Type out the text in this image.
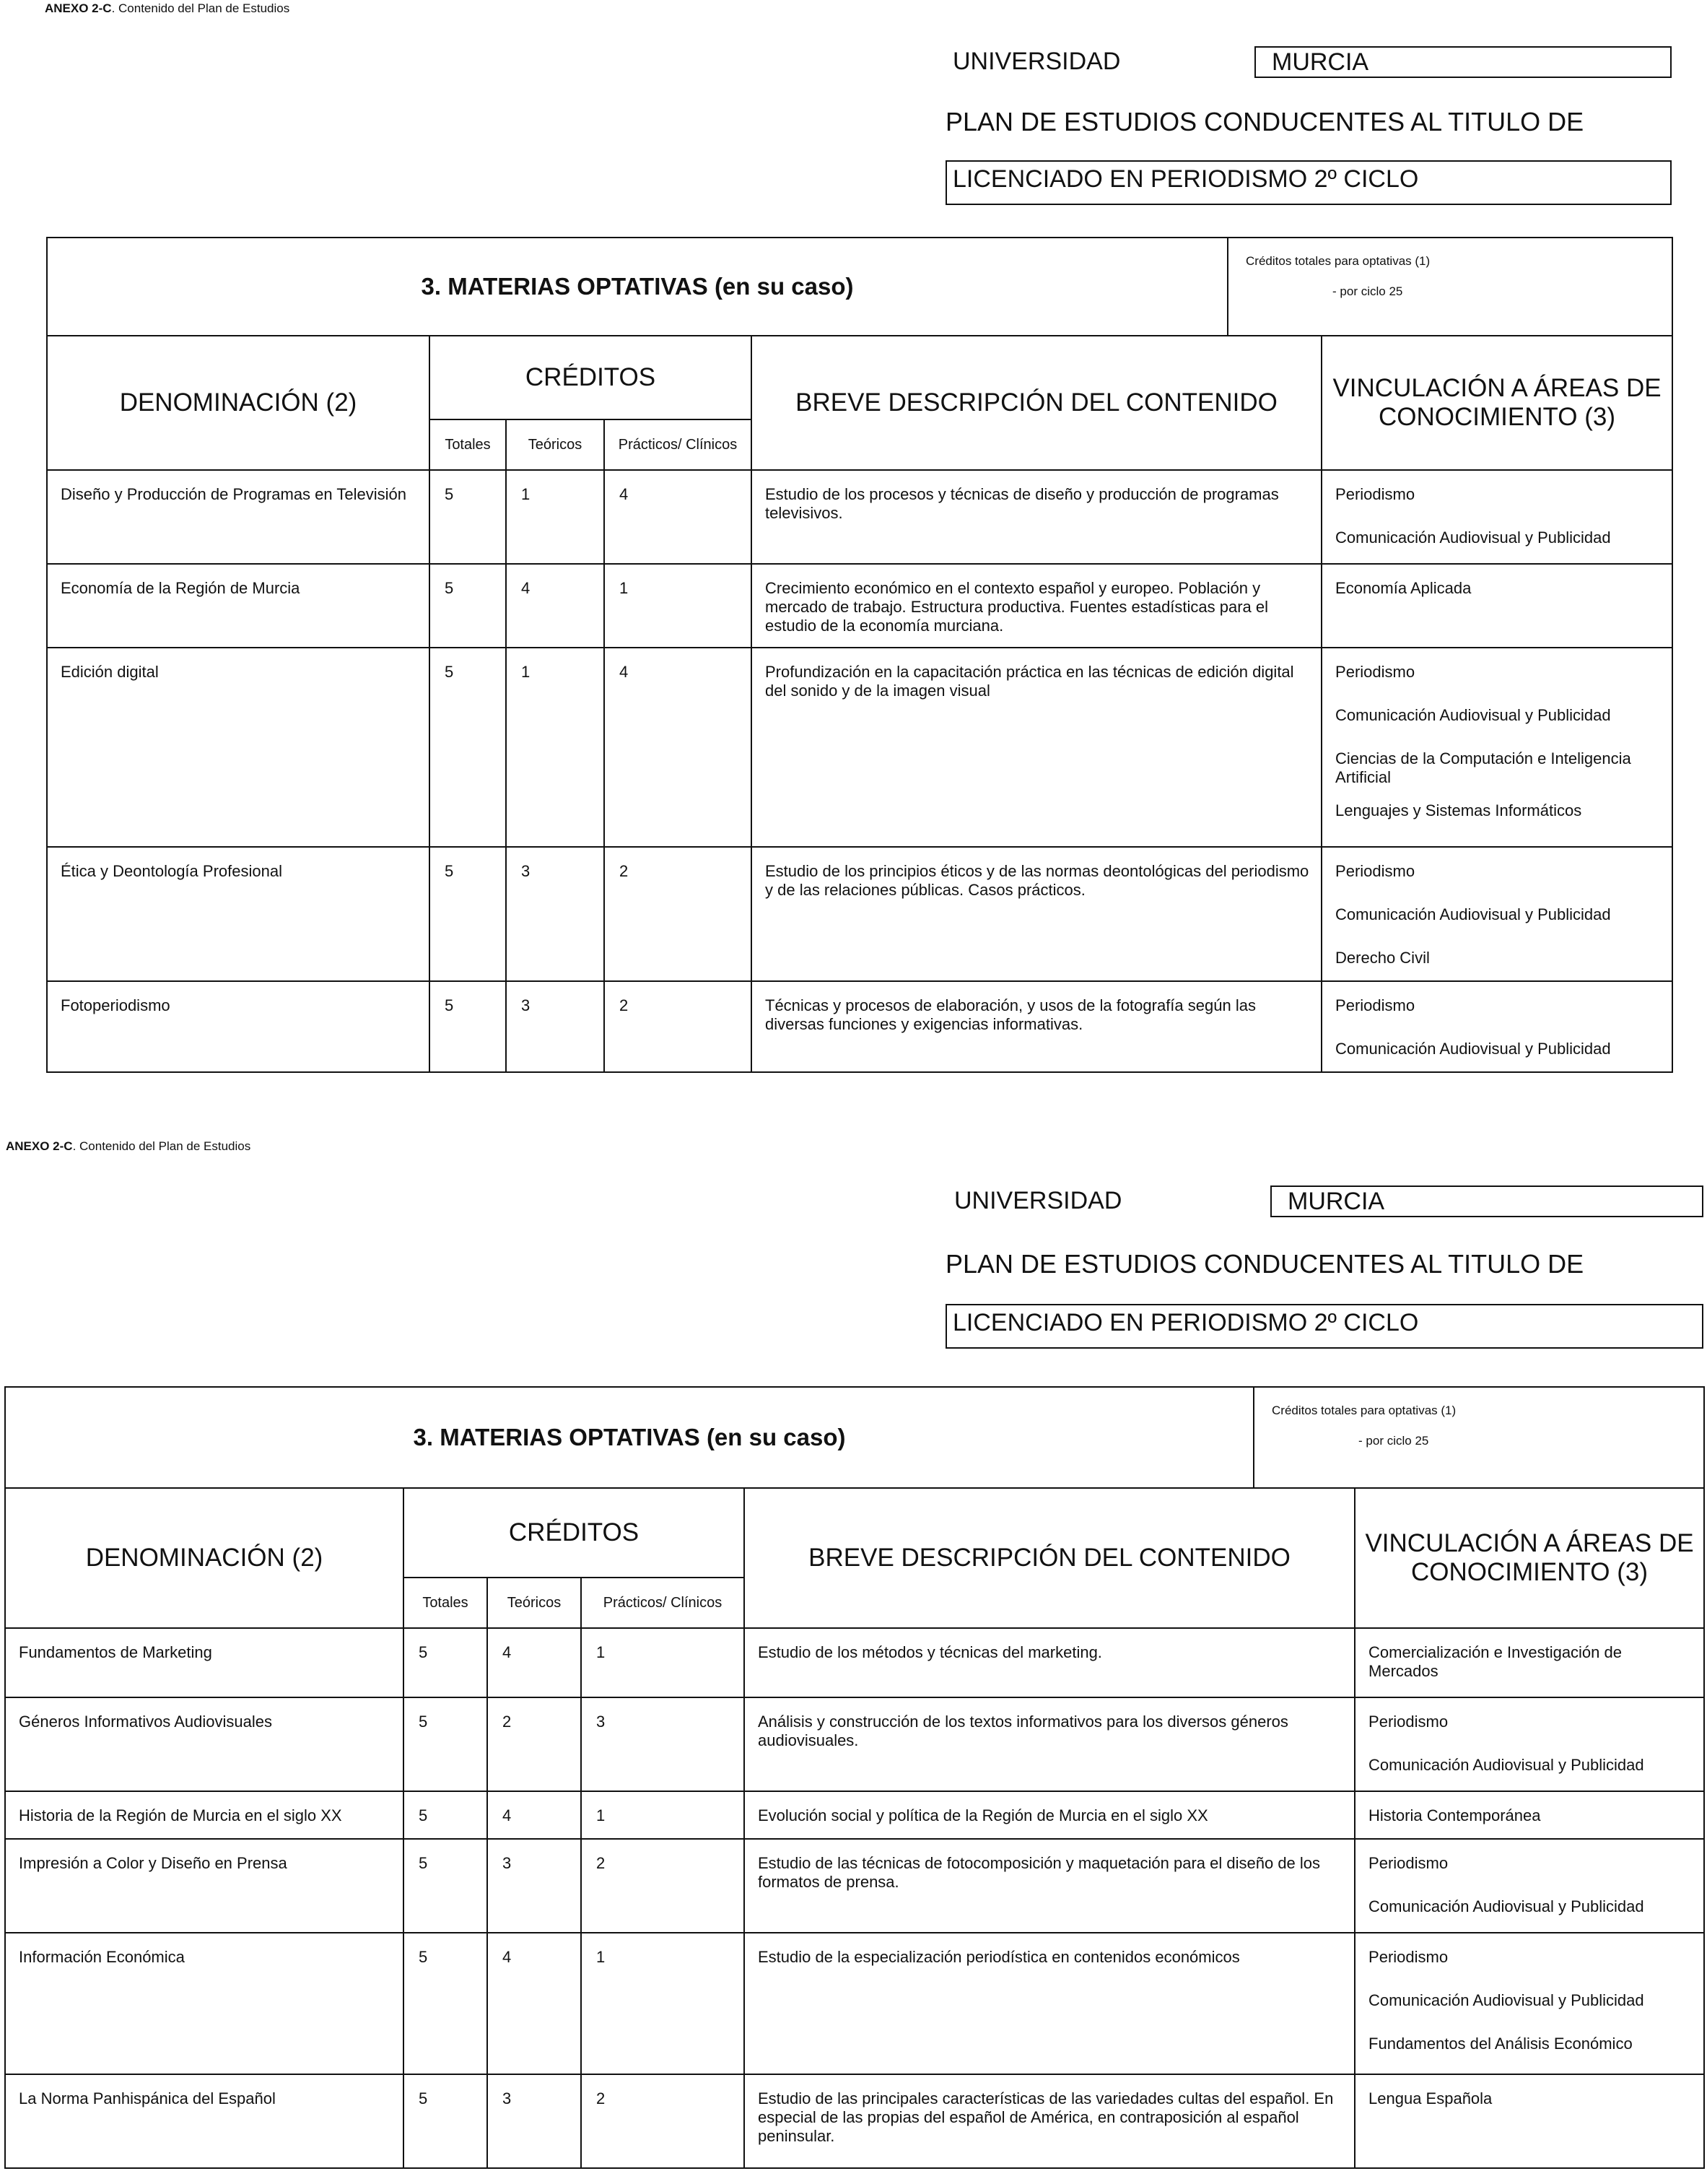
ANEXO 2-C. Contenido del Plan de Estudios
UNIVERSIDAD	MURCIA
PLAN DE ESTUDIOS CONDUCENTES AL TITULO DE
LICENCIADO EN PERIODISMO 2º CICLO
3. MATERIAS OPTATIVAS (en su caso)					Créditos totales para optativas (1)
- por ciclo 25	

DENOMINACIÓN (2)	CRÉDITOS			BREVE DESCRIPCIÓN DEL CONTENIDO		VINCULACIÓN A ÁREAS DE CONOCIMIENTO (3)
	Totales	Teóricos	Prácticos/ Clínicos			
Diseño y Producción de Programas en Televisión	5	1	4	Estudio de los procesos y técnicas de diseño y producción de programas televisivos.		Periodismo
Comunicación Audiovisual y Publicidad

Economía de la Región de Murcia	5	4	1	Crecimiento económico en el contexto español y europeo. Población y mercado de trabajo. Estructura productiva. Fuentes estadísticas para el estudio de la economía murciana.		Economía Aplicada

Edición digital	5	1	4	Profundización en la capacitación práctica en las técnicas de edición digital del sonido y de la imagen visual		Periodismo
Comunicación Audiovisual y Publicidad
Ciencias de la Computación e Inteligencia Artificial
Lenguajes y Sistemas Informáticos

Ética y Deontología Profesional	5	3	2	Estudio de los principios éticos y de las normas deontológicas del periodismo y de las relaciones públicas. Casos prácticos.		Periodismo
Comunicación Audiovisual y Publicidad
Derecho Civil

Fotoperiodismo	5	3	2	Técnicas y procesos de elaboración, y usos de la fotografía según las diversas funciones y exigencias informativas.		Periodismo
Comunicación Audiovisual y Publicidad
ANEXO 2-C. Contenido del Plan de Estudios
UNIVERSIDAD	MURCIA
PLAN DE ESTUDIOS CONDUCENTES AL TITULO DE
LICENCIADO EN PERIODISMO 2º CICLO
3. MATERIAS OPTATIVAS (en su caso)					Créditos totales para optativas (1)
- por ciclo 25	

DENOMINACIÓN (2)	CRÉDITOS			BREVE DESCRIPCIÓN DEL CONTENIDO		VINCULACIÓN A ÁREAS DE CONOCIMIENTO (3)
	Totales	Teóricos	Prácticos/ Clínicos			
Fundamentos de Marketing	5	4	1	Estudio de los métodos y técnicas del marketing.		Comercialización e Investigación de Mercados

Géneros Informativos Audiovisuales	5	2	3	Análisis y construcción de los textos informativos para los diversos géneros audiovisuales.		Periodismo
Comunicación Audiovisual y Publicidad

Historia de la Región de Murcia en el siglo XX	5	4	1	Evolución social y política de la Región de Murcia en el siglo XX		Historia Contemporánea

Impresión a Color y Diseño en Prensa	5	3	2	Estudio de las técnicas de fotocomposición y maquetación para el diseño de los formatos de prensa.		Periodismo
Comunicación Audiovisual y Publicidad

Información Económica	5	4	1	Estudio de la especialización periodística en contenidos económicos		Periodismo
Comunicación Audiovisual y Publicidad
Fundamentos del Análisis Económico

La Norma Panhispánica del Español	5	3	2	Estudio de las principales características de las variedades cultas del español. En especial de las propias del español de América, en contraposición al español peninsular.		Lengua Española
